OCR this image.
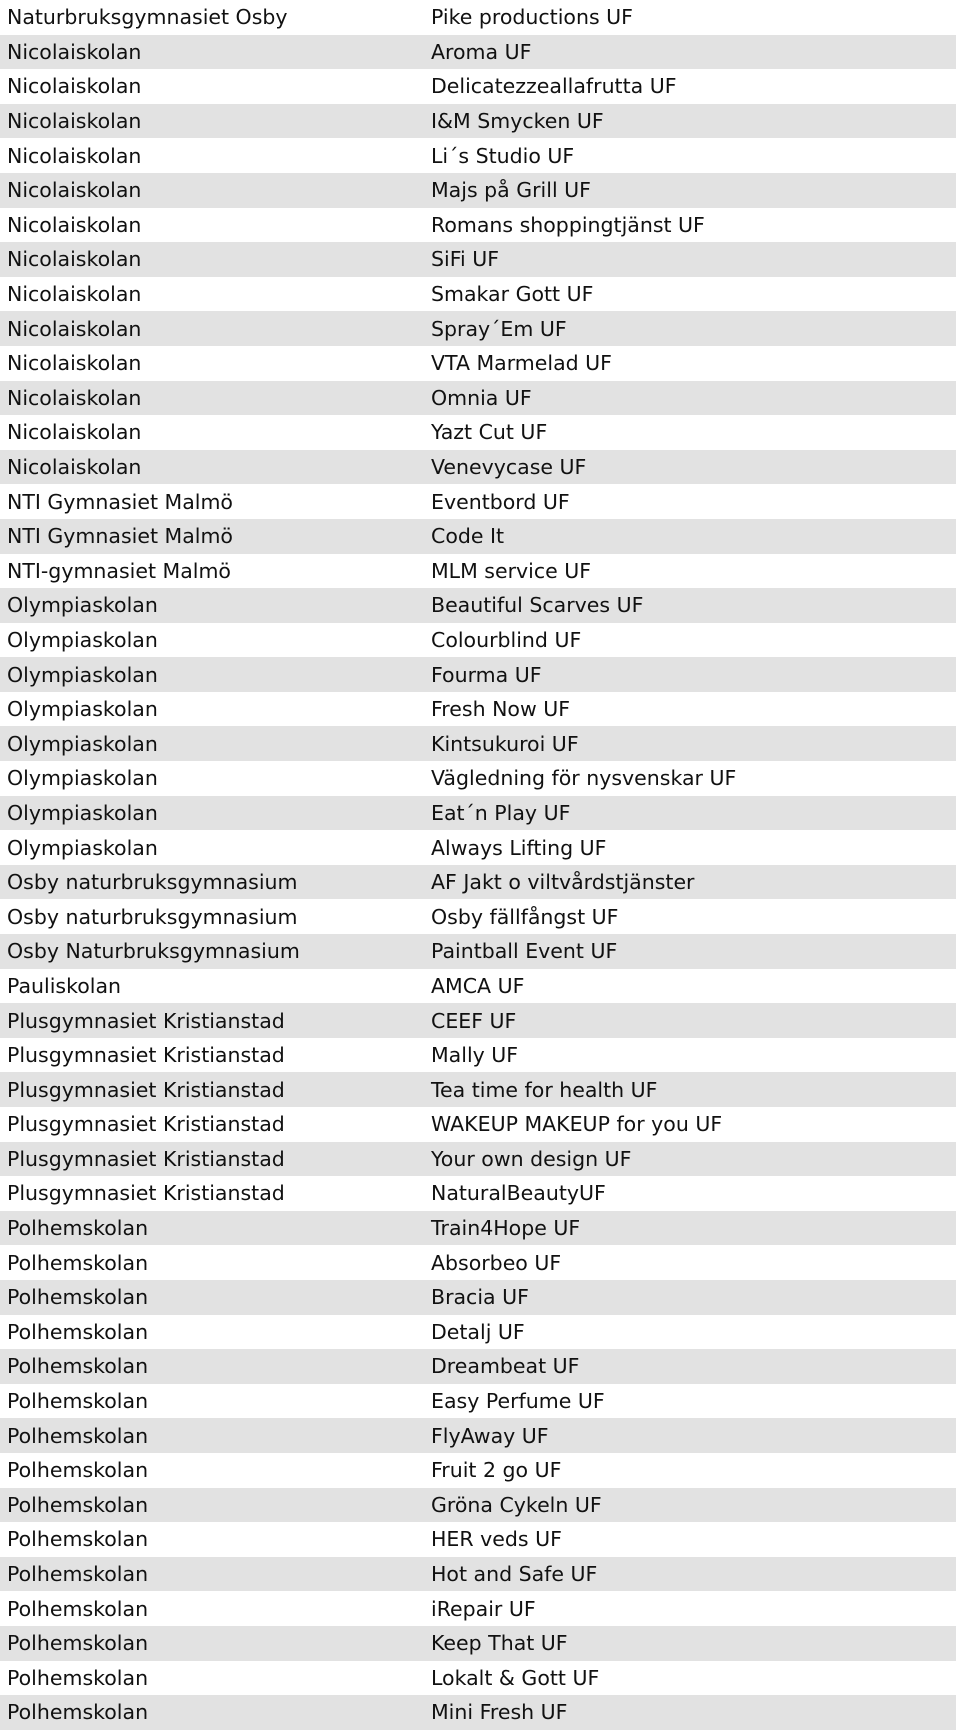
Naturbruksgymnasiet Osby	Pike productions UF
Nicolaiskolan	Aroma UF
Nicolaiskolan	Delicatezzeallafrutta UF
Nicolaiskolan	I&M Smycken UF
Nicolaiskolan	Li´s Studio UF
Nicolaiskolan	Majs på Grill UF
Nicolaiskolan	Romans shoppingtjänst UF
Nicolaiskolan	SiFi UF
Nicolaiskolan	Smakar Gott UF
Nicolaiskolan	Spray´Em UF
Nicolaiskolan	VTA Marmelad UF
Nicolaiskolan	Omnia UF
Nicolaiskolan	Yazt Cut UF
Nicolaiskolan	Venevycase UF
NTI Gymnasiet Malmö	Eventbord UF
NTI Gymnasiet Malmö	Code It
NTI-gymnasiet Malmö	MLM service UF
Olympiaskolan	Beautiful Scarves UF
Olympiaskolan	Colourblind UF
Olympiaskolan	Fourma UF
Olympiaskolan	Fresh Now UF
Olympiaskolan	Kintsukuroi UF
Olympiaskolan	Vägledning för nysvenskar UF
Olympiaskolan	Eat´n Play UF
Olympiaskolan	Always Lifting UF
Osby naturbruksgymnasium	AF Jakt o viltvårdstjänster
Osby naturbruksgymnasium	Osby fällfångst UF
Osby Naturbruksgymnasium	Paintball Event UF
Pauliskolan	AMCA UF
Plusgymnasiet Kristianstad	CEEF UF
Plusgymnasiet Kristianstad	Mally UF
Plusgymnasiet Kristianstad	Tea time for health UF
Plusgymnasiet Kristianstad	WAKEUP MAKEUP for you UF
Plusgymnasiet Kristianstad	Your own design UF
Plusgymnasiet Kristianstad	NaturalBeautyUF
Polhemskolan	Train4Hope UF
Polhemskolan	Absorbeo UF
Polhemskolan	Bracia UF
Polhemskolan	Detalj UF
Polhemskolan	Dreambeat UF
Polhemskolan	Easy Perfume UF
Polhemskolan	FlyAway UF
Polhemskolan	Fruit 2 go UF
Polhemskolan	Gröna Cykeln UF
Polhemskolan	HER veds UF
Polhemskolan	Hot and Safe UF
Polhemskolan	iRepair UF
Polhemskolan	Keep That UF
Polhemskolan	Lokalt & Gott UF
Polhemskolan	Mini Fresh UF
